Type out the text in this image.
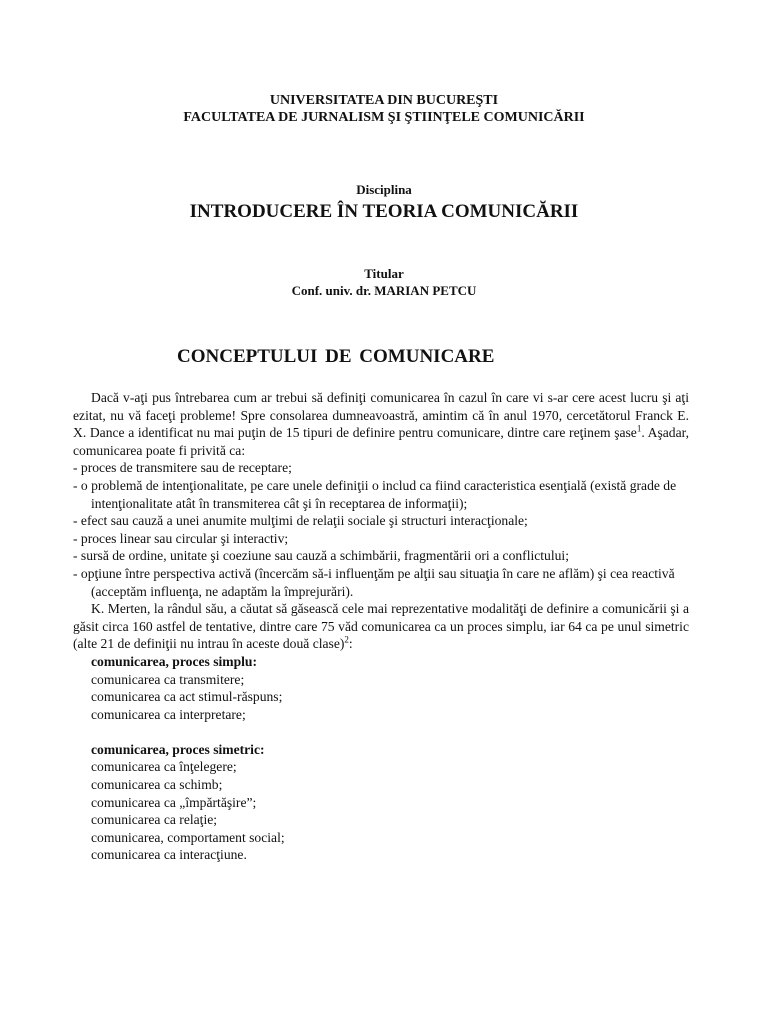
UNIVERSITATEA DIN BUCUREŞTI
FACULTATEA DE JURNALISM ŞI ŞTIINŢELE COMUNICĂRII
Disciplina
INTRODUCERE ÎN TEORIA COMUNICĂRII
Titular
Conf. univ. dr. MARIAN PETCU
CONCEPTULUI DE COMUNICARE

Dacă v-aţi pus întrebarea cum ar trebui să definiţi comunicarea în cazul în care vi s-ar cere acest lucru şi aţi ezitat, nu vă faceţi probleme! Spre consolarea dumneavoastră, amintim că în anul 1970, cercetătorul Franck E. X. Dance a identificat nu mai puţin de 15 tipuri de definire pentru comunicare, dintre care reţinem şase$^1$. Aşadar, comunicarea poate fi privită ca:

- proces de transmitere sau de receptare;
- o problemă de intenţionalitate, pe care unele definiţii o includ ca fiind caracteristica esenţială (există grade de intenţionalitate atât în transmiterea cât şi în receptarea de informaţii);
- efect sau cauză a unei anumite mulţimi de relaţii sociale şi structuri interacţionale;
- proces linear sau circular şi interactiv;
- sursă de ordine, unitate şi coeziune sau cauză a schimbării, fragmentării ori a conflictului;
- opţiune între perspectiva activă (încercăm să-i influenţăm pe alţii sau situaţia în care ne aflăm) şi cea reactivă (acceptăm influenţa, ne adaptăm la împrejurări).

K. Merten, la rândul său, a căutat să găsească cele mai reprezentative modalităţi de definire a comunicării şi a găsit circa 160 astfel de tentative, dintre care 75 văd comunicarea ca un proces simplu, iar 64 ca pe unul simetric (alte 21 de definiţii nu intrau în aceste două clase)$^2$:

comunicarea, proces simplu:
comunicarea ca transmitere;
comunicarea ca act stimul-răspuns;
comunicarea ca interpretare;
comunicarea, proces simetric:
comunicarea ca înţelegere;
comunicarea ca schimb;
comunicarea ca „împărtăşire”;
comunicarea ca relaţie;
comunicarea, comportament social;
comunicarea ca interacţiune.
